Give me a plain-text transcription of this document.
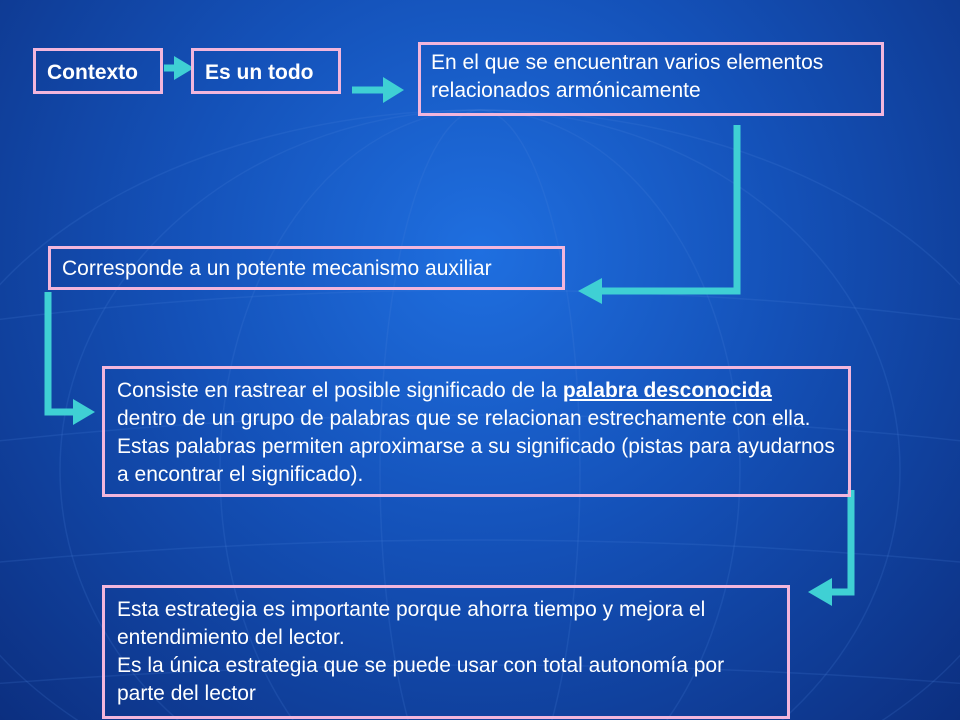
Contexto	Es un todo	En el que se encuentran varios elementos relacionados armónicamente
Corresponde a un potente mecanismo auxiliar
Consiste en rastrear el posible significado de la palabra desconocida dentro de un grupo de palabras que se relacionan estrechamente con ella. Estas palabras permiten aproximarse a su significado (pistas para ayudarnos a encontrar el significado).
Esta estrategia es importante porque ahorra tiempo y mejora el entendimiento del lector.
Es la única estrategia que se puede usar con total autonomía por parte del lector
